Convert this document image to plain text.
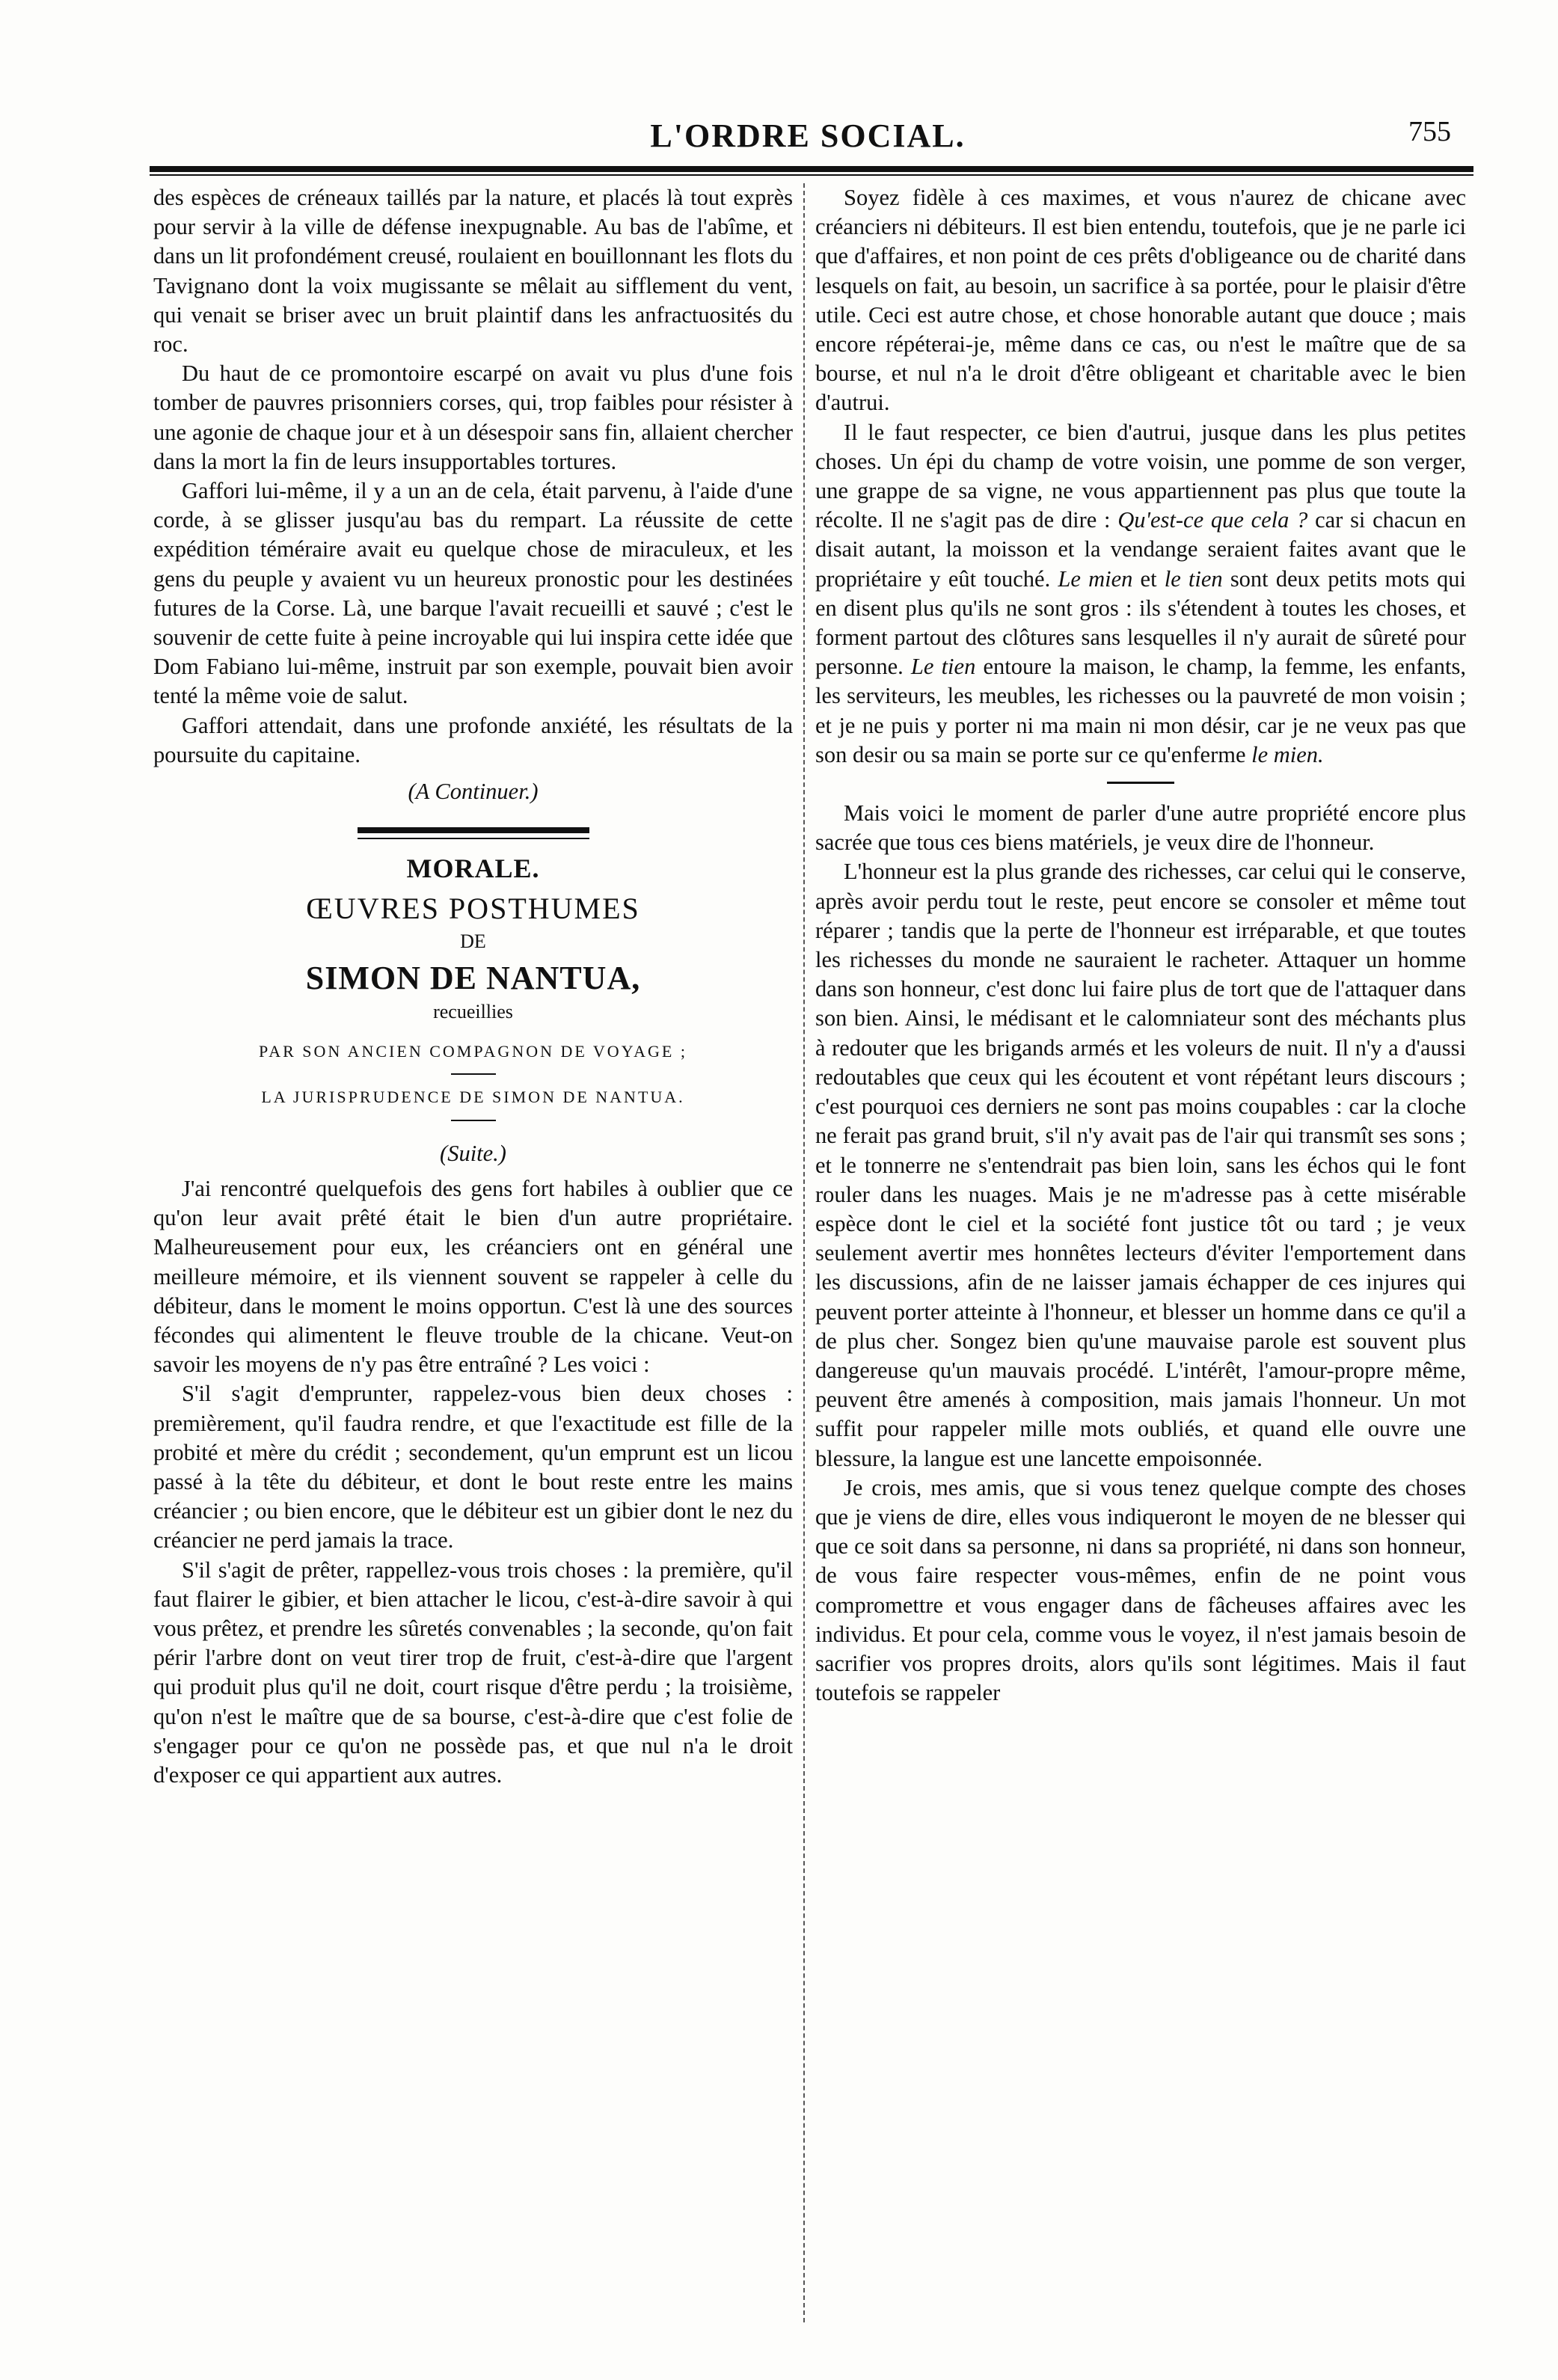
L'ORDRE SOCIAL.	755

des espèces de créneaux taillés par la nature, et placés là tout exprès pour servir à la ville de défense inexpugnable. Au bas de l'abîme, et dans un lit profondément creusé, roulaient en bouillonnant les flots du Tavignano dont la voix mugissante se mêlait au sifflement du vent, qui venait se briser avec un bruit plaintif dans les anfractuosités du roc.

Du haut de ce promontoire escarpé on avait vu plus d'une fois tomber de pauvres prisonniers corses, qui, trop faibles pour résister à une agonie de chaque jour et à un désespoir sans fin, allaient chercher dans la mort la fin de leurs insupportables tortures.

Gaffori lui-même, il y a un an de cela, était parvenu, à l'aide d'une corde, à se glisser jusqu'au bas du rempart. La réussite de cette expédition téméraire avait eu quelque chose de miraculeux, et les gens du peuple y avaient vu un heureux pronostic pour les destinées futures de la Corse. Là, une barque l'avait recueilli et sauvé ; c'est le souvenir de cette fuite à peine incroyable qui lui inspira cette idée que Dom Fabiano lui-même, instruit par son exemple, pouvait bien avoir tenté la même voie de salut.

Gaffori attendait, dans une profonde anxiété, les résultats de la poursuite du capitaine.

(A Continuer.)

MORALE.
ŒUVRES POSTHUMES
DE
SIMON DE NANTUA,
recueillies
PAR SON ANCIEN COMPAGNON DE VOYAGE ;
LA JURISPRUDENCE DE SIMON DE NANTUA.
(Suite.)

J'ai rencontré quelquefois des gens fort habiles à oublier que ce qu'on leur avait prêté était le bien d'un autre propriétaire. Malheureusement pour eux, les créanciers ont en général une meilleure mémoire, et ils viennent souvent se rappeler à celle du débiteur, dans le moment le moins opportun. C'est là une des sources fécondes qui alimentent le fleuve trouble de la chicane. Veut-on savoir les moyens de n'y pas être entraîné ? Les voici :

S'il s'agit d'emprunter, rappelez-vous bien deux choses : premièrement, qu'il faudra rendre, et que l'exactitude est fille de la probité et mère du crédit ; secondement, qu'un emprunt est un licou passé à la tête du débiteur, et dont le bout reste entre les mains créancier ; ou bien encore, que le débiteur est un gibier dont le nez du créancier ne perd jamais la trace.

S'il s'agit de prêter, rappellez-vous trois choses : la première, qu'il faut flairer le gibier, et bien attacher le licou, c'est-à-dire savoir à qui vous prêtez, et prendre les sûretés convenables ; la seconde, qu'on fait périr l'arbre dont on veut tirer trop de fruit, c'est-à-dire que l'argent qui produit plus qu'il ne doit, court risque d'être perdu ; la troisième, qu'on n'est le maître que de sa bourse, c'est-à-dire que c'est folie de s'engager pour ce qu'on ne possède pas, et que nul n'a le droit d'exposer ce qui appartient aux autres.

Soyez fidèle à ces maximes, et vous n'aurez de chicane avec créanciers ni débiteurs. Il est bien entendu, toutefois, que je ne parle ici que d'affaires, et non point de ces prêts d'obligeance ou de charité dans lesquels on fait, au besoin, un sacrifice à sa portée, pour le plaisir d'être utile. Ceci est autre chose, et chose honorable autant que douce ; mais encore répéterai-je, même dans ce cas, ou n'est le maître que de sa bourse, et nul n'a le droit d'être obligeant et charitable avec le bien d'autrui.

Il le faut respecter, ce bien d'autrui, jusque dans les plus petites choses. Un épi du champ de votre voisin, une pomme de son verger, une grappe de sa vigne, ne vous appartiennent pas plus que toute la récolte. Il ne s'agit pas de dire : Qu'est-ce que cela ? car si chacun en disait autant, la moisson et la vendange seraient faites avant que le propriétaire y eût touché. Le mien et le tien sont deux petits mots qui en disent plus qu'ils ne sont gros : ils s'étendent à toutes les choses, et forment partout des clôtures sans lesquelles il n'y aurait de sûreté pour personne. Le tien entoure la maison, le champ, la femme, les enfants, les serviteurs, les meubles, les richesses ou la pauvreté de mon voisin ; et je ne puis y porter ni ma main ni mon désir, car je ne veux pas que son desir ou sa main se porte sur ce qu'enferme le mien.

Mais voici le moment de parler d'une autre propriété encore plus sacrée que tous ces biens matériels, je veux dire de l'honneur.

L'honneur est la plus grande des richesses, car celui qui le conserve, après avoir perdu tout le reste, peut encore se consoler et même tout réparer ; tandis que la perte de l'honneur est irréparable, et que toutes les richesses du monde ne sauraient le racheter. Attaquer un homme dans son honneur, c'est donc lui faire plus de tort que de l'attaquer dans son bien. Ainsi, le médisant et le calomniateur sont des méchants plus à redouter que les brigands armés et les voleurs de nuit. Il n'y a d'aussi redoutables que ceux qui les écoutent et vont répétant leurs discours ; c'est pourquoi ces derniers ne sont pas moins coupables : car la cloche ne ferait pas grand bruit, s'il n'y avait pas de l'air qui transmît ses sons ; et le tonnerre ne s'entendrait pas bien loin, sans les échos qui le font rouler dans les nuages. Mais je ne m'adresse pas à cette misérable espèce dont le ciel et la société font justice tôt ou tard ; je veux seulement avertir mes honnêtes lecteurs d'éviter l'emportement dans les discussions, afin de ne laisser jamais échapper de ces injures qui peuvent porter atteinte à l'honneur, et blesser un homme dans ce qu'il a de plus cher. Songez bien qu'une mauvaise parole est souvent plus dangereuse qu'un mauvais procédé. L'intérêt, l'amour-propre même, peuvent être amenés à composition, mais jamais l'honneur. Un mot suffit pour rappeler mille mots oubliés, et quand elle ouvre une blessure, la langue est une lancette empoisonnée.

Je crois, mes amis, que si vous tenez quelque compte des choses que je viens de dire, elles vous indiqueront le moyen de ne blesser qui que ce soit dans sa personne, ni dans sa propriété, ni dans son honneur, de vous faire respecter vous-mêmes, enfin de ne point vous compromettre et vous engager dans de fâcheuses affaires avec les individus. Et pour cela, comme vous le voyez, il n'est jamais besoin de sacrifier vos propres droits, alors qu'ils sont légitimes. Mais il faut toutefois se rappeler
